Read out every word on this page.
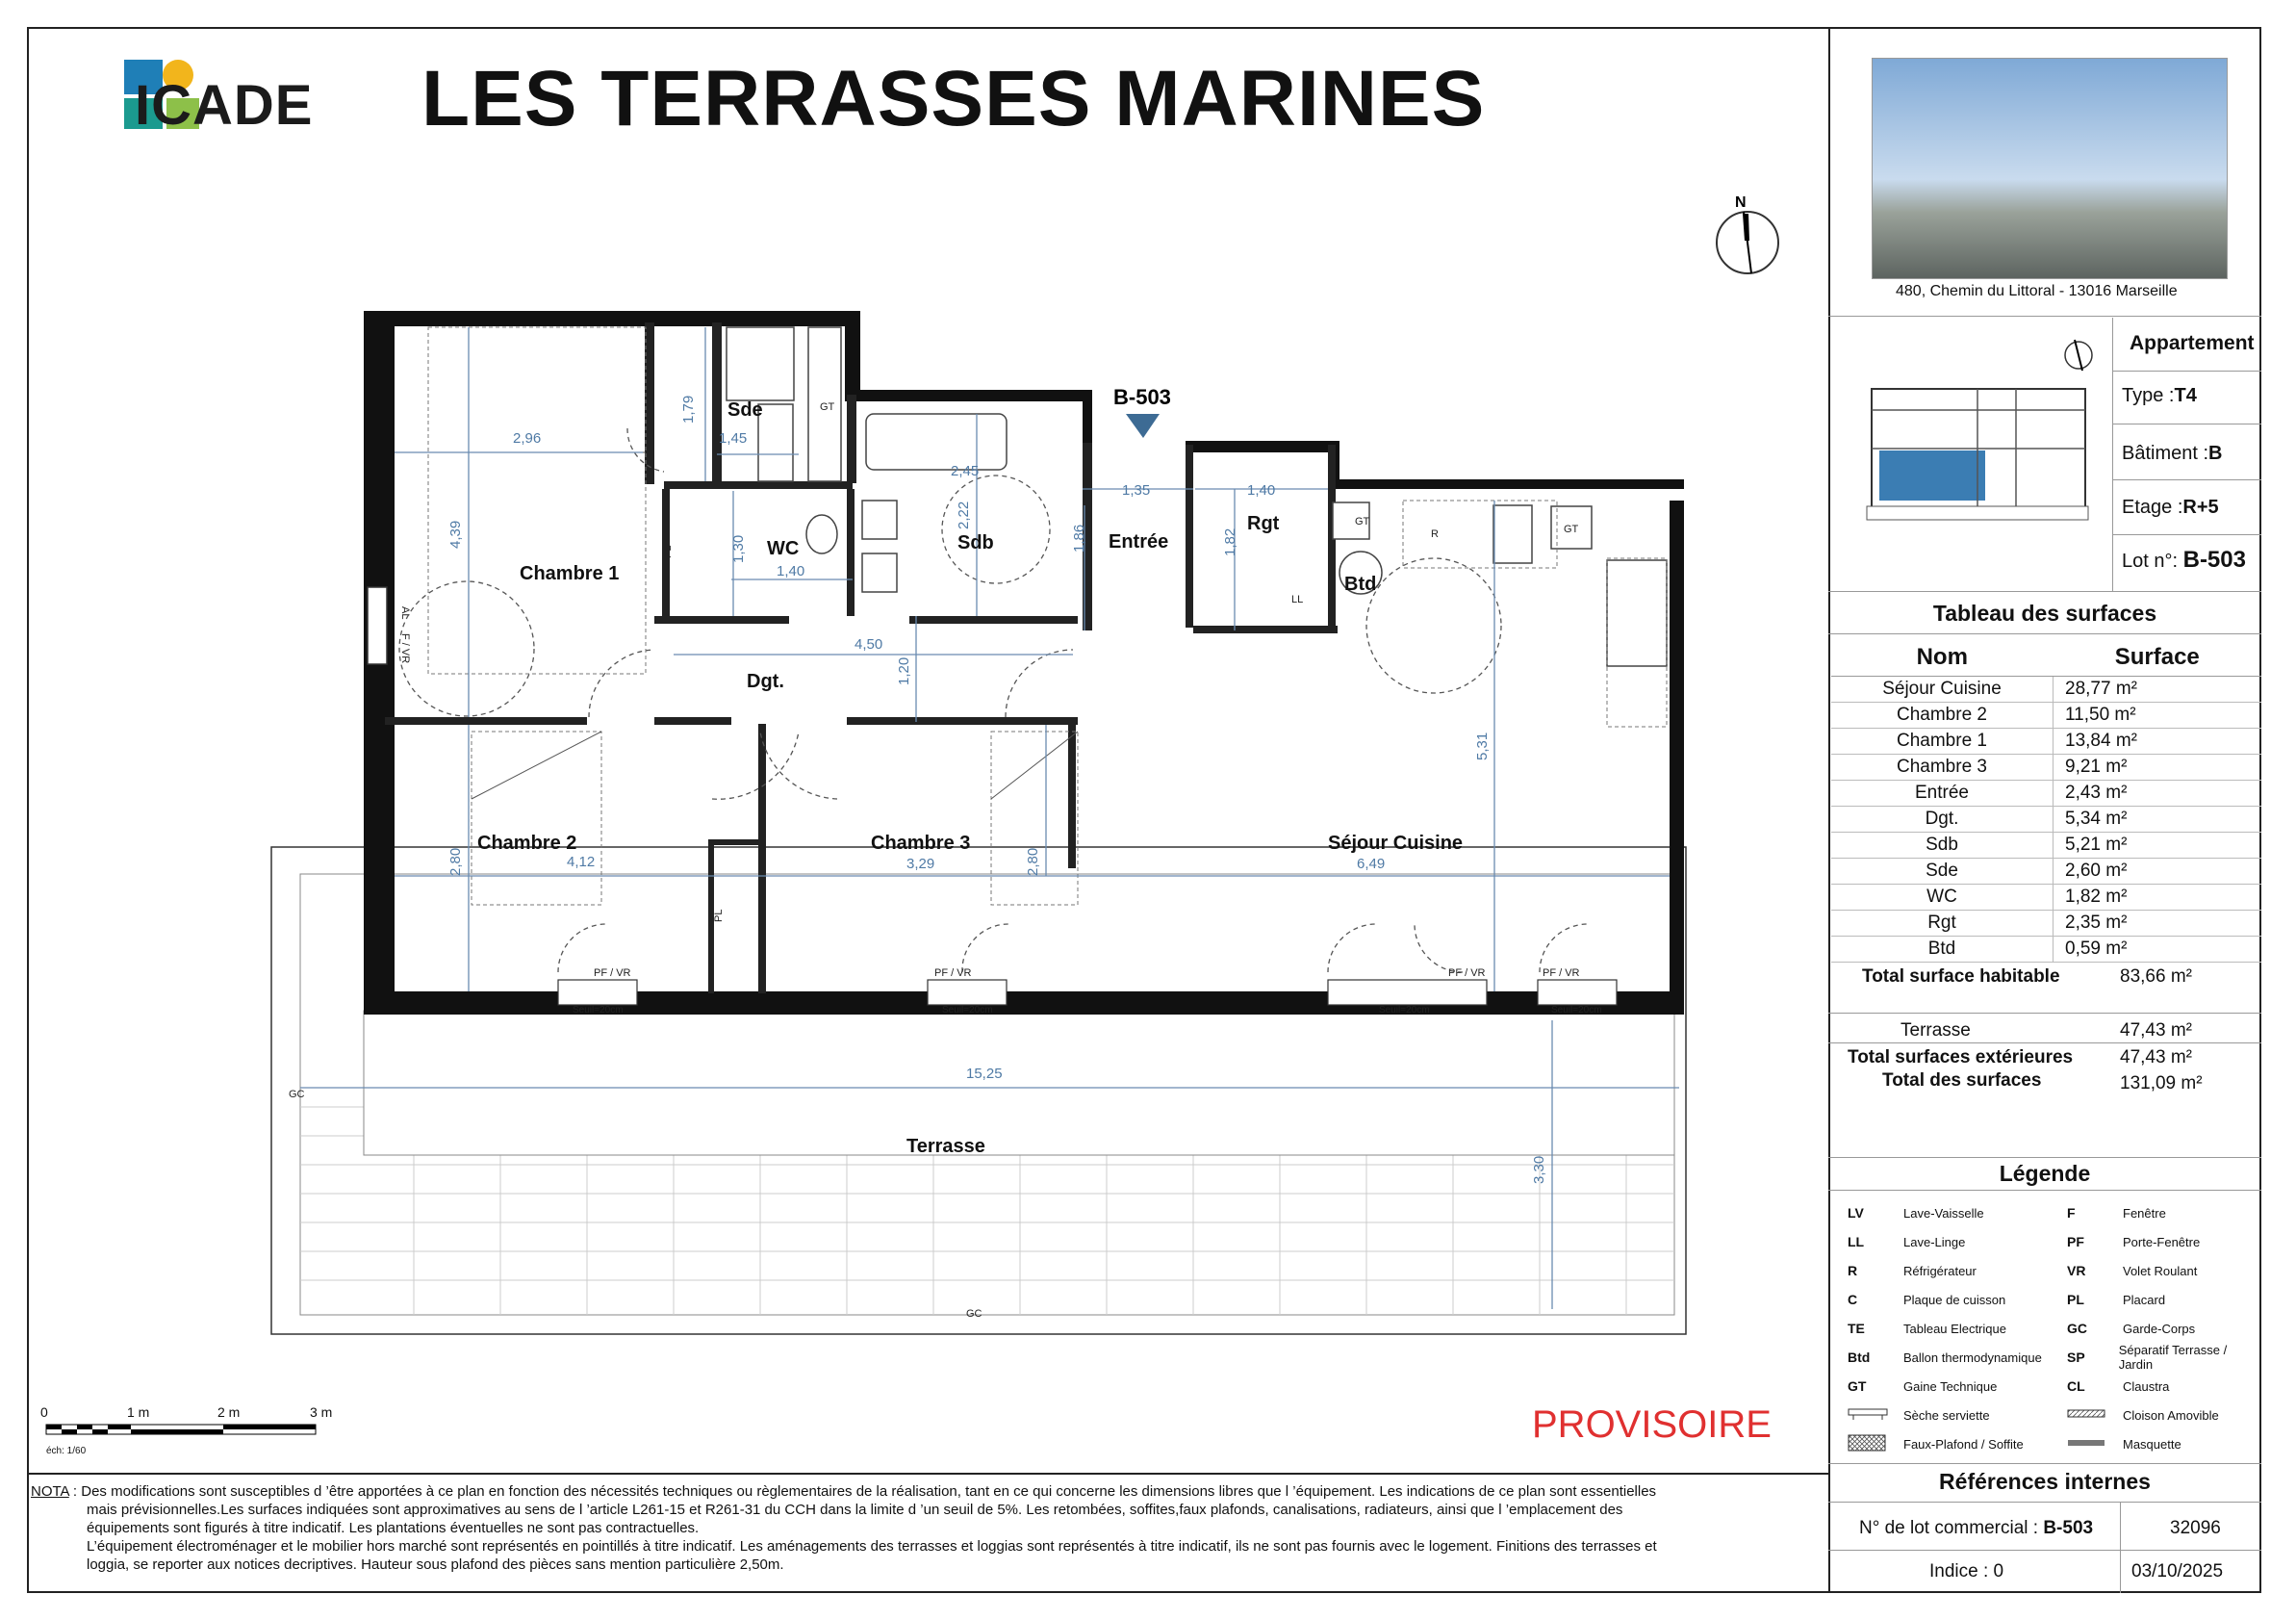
ICADE LES TERRASSES MARINES
N
B-503
Chambre 1
Chambre 2	Chambre 3
Sde
Sdb
WC
Dgt.
Entrée
Rgt
Btd
Séjour Cuisine
Terrasse
2,96
4,39
1,79
1,45
1,30
1,40
2,22
2,45
4,50
1,20
1,35
1,86
1,40
1,82
5,31
2,80	4,12	3,29	2,80	6,49
15,25
3,30
GT
GT
GT
PL
PL
LL
R
GC
GC
AL
F / VR
PF / VR	PF / VR	PF / VR	PF / VR
Seuil=20cm	Seuil=20cm	Seuil=20cm	Seuil=20cm
480, Chemin du Littoral - 13016 Marseille
Appartement
Type :T4
Bâtiment :B
Etage :R+5
Lot n°: B-503
Tableau des surfaces
Nom	Surface
Séjour Cuisine	28,77 m²
Chambre 2	11,50 m²
Chambre 1	13,84 m²
Chambre 3	9,21 m²
Entrée	2,43 m²
Dgt.	5,34 m²
Sdb	5,21 m²
Sde	2,60 m²
WC	1,82 m²
Rgt	2,35 m²
Btd	0,59 m²
Total surface habitable	83,66 m²
Terrasse	47,43 m²
Total surfaces extérieures	47,43 m²
Total des surfaces	131,09 m²
Légende
LV	Lave-Vaisselle
LL	Lave-Linge
R	Réfrigérateur
C	Plaque de cuisson
TE	Tableau Electrique
Btd	Ballon thermodynamique
GT	Gaine Technique
Sèche serviette
Faux-Plafond / Soffite
F	Fenêtre
PF	Porte-Fenêtre
VR	Volet Roulant
PL	Placard
GC	Garde-Corps
SP	Séparatif Terrasse / Jardin
CL	Claustra
Cloison Amovible
Masquette
Références internes
N° de lot commercial : B-503	32096
Indice : 0	03/10/2025
0	1 m	2 m	3 m
éch: 1/60
PROVISOIRE
NOTA : Des modifications sont susceptibles d ’être apportées à ce plan en fonction des nécessités techniques ou règlementaires de la réalisation, tant en ce qui concerne les dimensions libres que l ’équipement. Les indications de ce plan sont essentielles
mais prévisionnelles.Les surfaces indiquées sont approximatives au sens de l ’article L261-15 et R261-31 du CCH dans la limite d ’un seuil de 5%. Les retombées, soffites,faux plafonds, canalisations, radiateurs, ainsi que l ’emplacement des
équipements sont figurés à titre indicatif. Les plantations éventuelles ne sont pas contractuelles.
L’équipement électroménager et le mobilier hors marché sont représentés en pointillés à titre indicatif. Les aménagements des terrasses et loggias sont représentés à titre indicatif, ils ne sont pas fournis avec le logement. Finitions des terrasses et
loggia, se reporter aux notices decriptives. Hauteur sous plafond des pièces sans mention particulière 2,50m.
